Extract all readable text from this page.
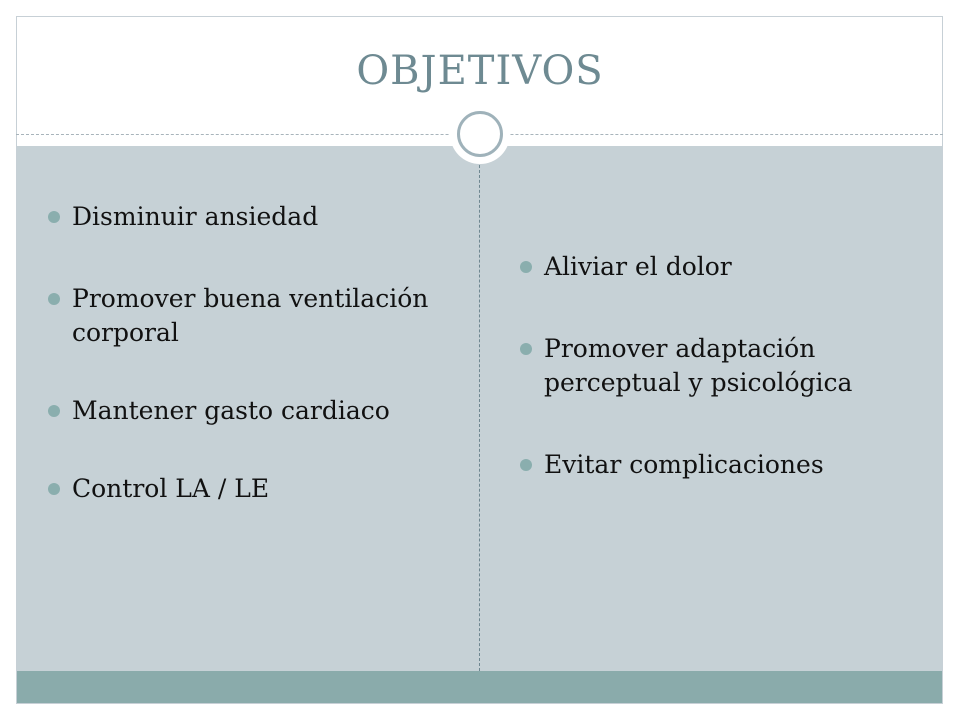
OBJETIVOS
Disminuir ansiedad
Promover buena ventilación corporal
Mantener gasto cardiaco
Control LA / LE
Aliviar el dolor
Promover adaptación perceptual y psicológica
Evitar complicaciones
